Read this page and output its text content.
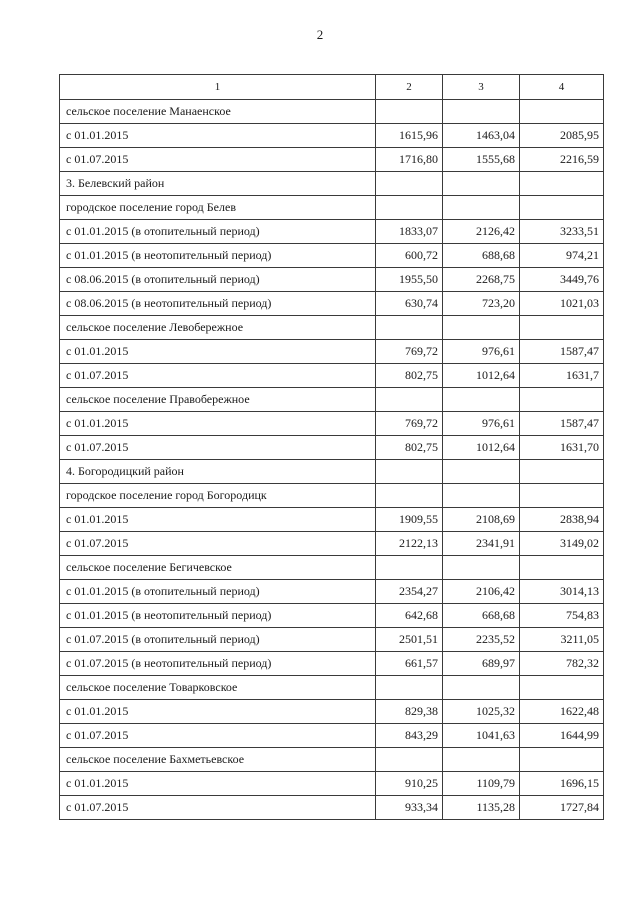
2
1	2	3	4
сельское поселение Манаенское			
с 01.01.2015	1615,96	1463,04	2085,95
с 01.07.2015	1716,80	1555,68	2216,59
3. Белевский район			
городское поселение город Белев			
с 01.01.2015 (в отопительный период)	1833,07	2126,42	3233,51
с 01.01.2015 (в неотопительный период)	600,72	688,68	974,21
с 08.06.2015 (в отопительный период)	1955,50	2268,75	3449,76
с 08.06.2015 (в неотопительный период)	630,74	723,20	1021,03
сельское поселение Левобережное			
с 01.01.2015	769,72	976,61	1587,47
с 01.07.2015	802,75	1012,64	1631,7
сельское поселение Правобережное			
с 01.01.2015	769,72	976,61	1587,47
с 01.07.2015	802,75	1012,64	1631,70
4. Богородицкий район			
городское поселение город Богородицк			
с 01.01.2015	1909,55	2108,69	2838,94
с 01.07.2015	2122,13	2341,91	3149,02
сельское поселение Бегичевское			
с 01.01.2015 (в отопительный период)	2354,27	2106,42	3014,13
с 01.01.2015 (в неотопительный период)	642,68	668,68	754,83
с 01.07.2015 (в отопительный период)	2501,51	2235,52	3211,05
с 01.07.2015 (в неотопительный период)	661,57	689,97	782,32
сельское поселение Товарковское			
с 01.01.2015	829,38	1025,32	1622,48
с 01.07.2015	843,29	1041,63	1644,99
сельское поселение Бахметьевское			
с 01.01.2015	910,25	1109,79	1696,15
с 01.07.2015	933,34	1135,28	1727,84
